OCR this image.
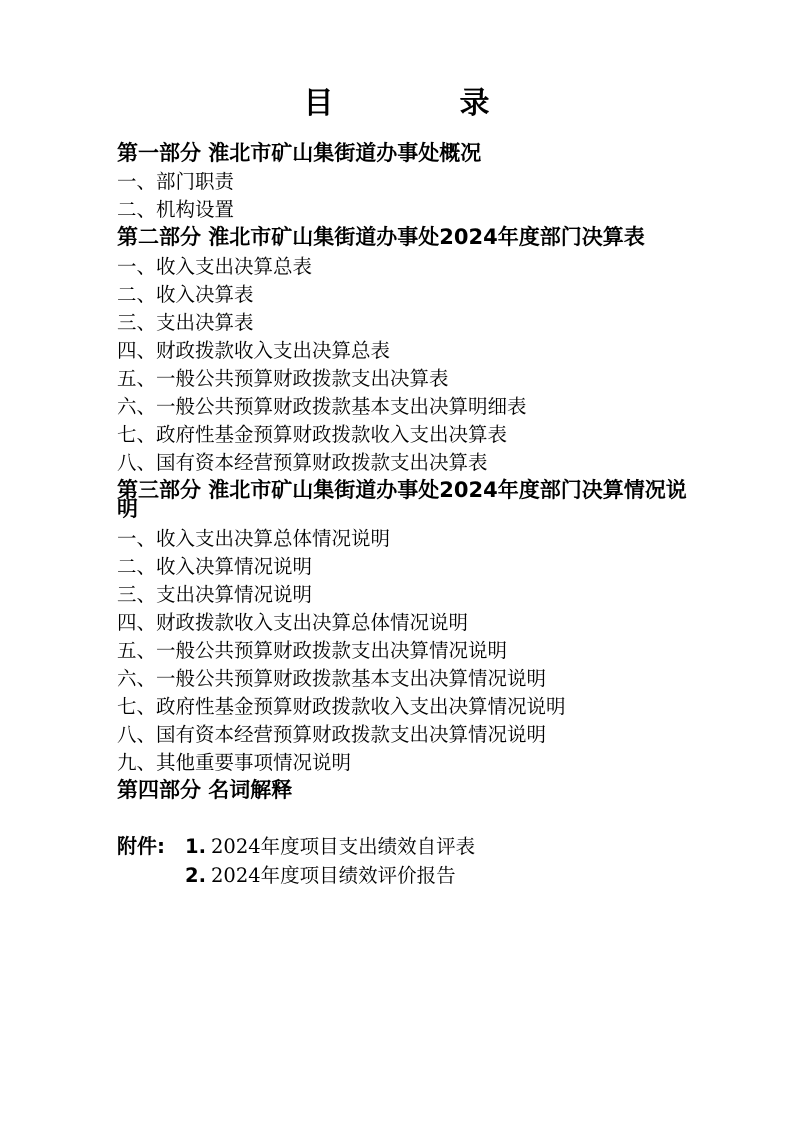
目　录
第一部分 淮北市矿山集街道办事处概况
一、部门职责
二、机构设置
第二部分 淮北市矿山集街道办事处2024年度部门决算表
一、收入支出决算总表
二、收入决算表
三、支出决算表
四、财政拨款收入支出决算总表
五、一般公共预算财政拨款支出决算表
六、一般公共预算财政拨款基本支出决算明细表
七、政府性基金预算财政拨款收入支出决算表
八、国有资本经营预算财政拨款支出决算表
第三部分 淮北市矿山集街道办事处2024年度部门决算情况说明
一、收入支出决算总体情况说明
二、收入决算情况说明
三、支出决算情况说明
四、财政拨款收入支出决算总体情况说明
五、一般公共预算财政拨款支出决算情况说明
六、一般公共预算财政拨款基本支出决算情况说明
七、政府性基金预算财政拨款收入支出决算情况说明
八、国有资本经营预算财政拨款支出决算情况说明
九、其他重要事项情况说明
第四部分 名词解释
附件:	1. 2024年度项目支出绩效自评表
2. 2024年度项目绩效评价报告
